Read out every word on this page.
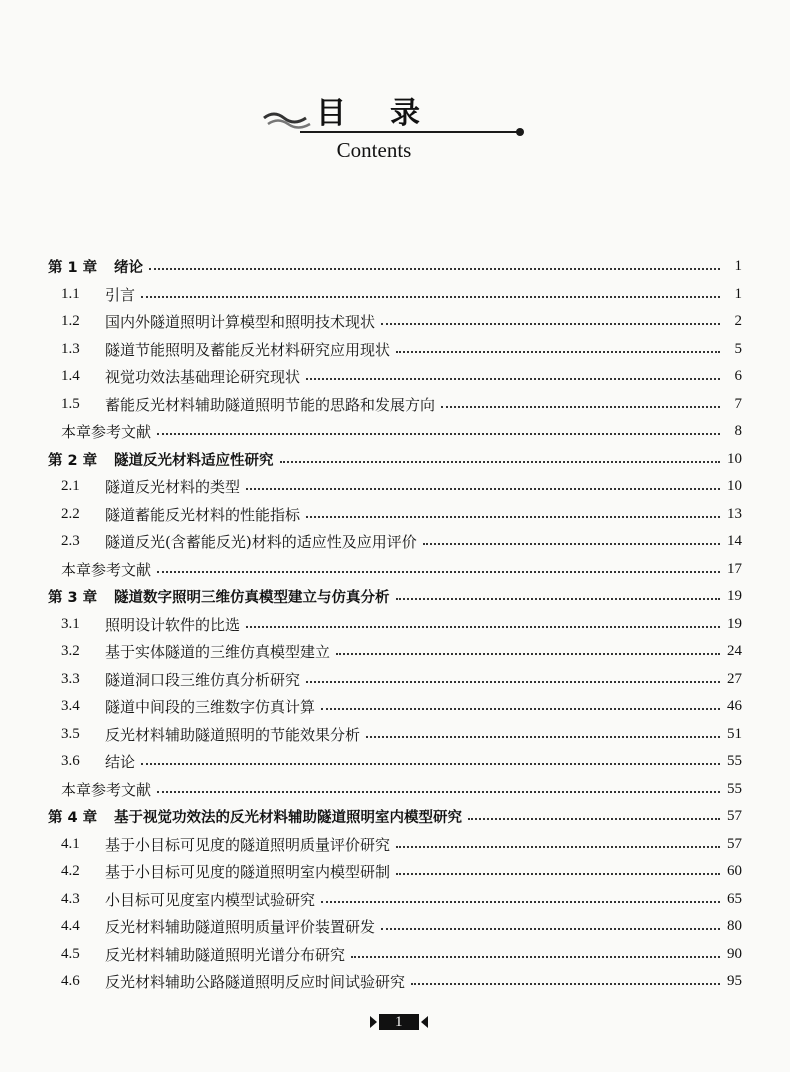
目录
Contents
第 1 章	绪论	1
1.1	引言	1
1.2	国内外隧道照明计算模型和照明技术现状	2
1.3	隧道节能照明及蓄能反光材料研究应用现状	5
1.4	视觉功效法基础理论研究现状	6
1.5	蓄能反光材料辅助隧道照明节能的思路和发展方向	7
本章参考文献	8
第 2 章	隧道反光材料适应性研究	10
2.1	隧道反光材料的类型	10
2.2	隧道蓄能反光材料的性能指标	13
2.3	隧道反光(含蓄能反光)材料的适应性及应用评价	14
本章参考文献	17
第 3 章	隧道数字照明三维仿真模型建立与仿真分析	19
3.1	照明设计软件的比选	19
3.2	基于实体隧道的三维仿真模型建立	24
3.3	隧道洞口段三维仿真分析研究	27
3.4	隧道中间段的三维数字仿真计算	46
3.5	反光材料辅助隧道照明的节能效果分析	51
3.6	结论	55
本章参考文献	55
第 4 章	基于视觉功效法的反光材料辅助隧道照明室内模型研究	57
4.1	基于小目标可见度的隧道照明质量评价研究	57
4.2	基于小目标可见度的隧道照明室内模型研制	60
4.3	小目标可见度室内模型试验研究	65
4.4	反光材料辅助隧道照明质量评价装置研发	80
4.5	反光材料辅助隧道照明光谱分布研究	90
4.6	反光材料辅助公路隧道照明反应时间试验研究	95
1
